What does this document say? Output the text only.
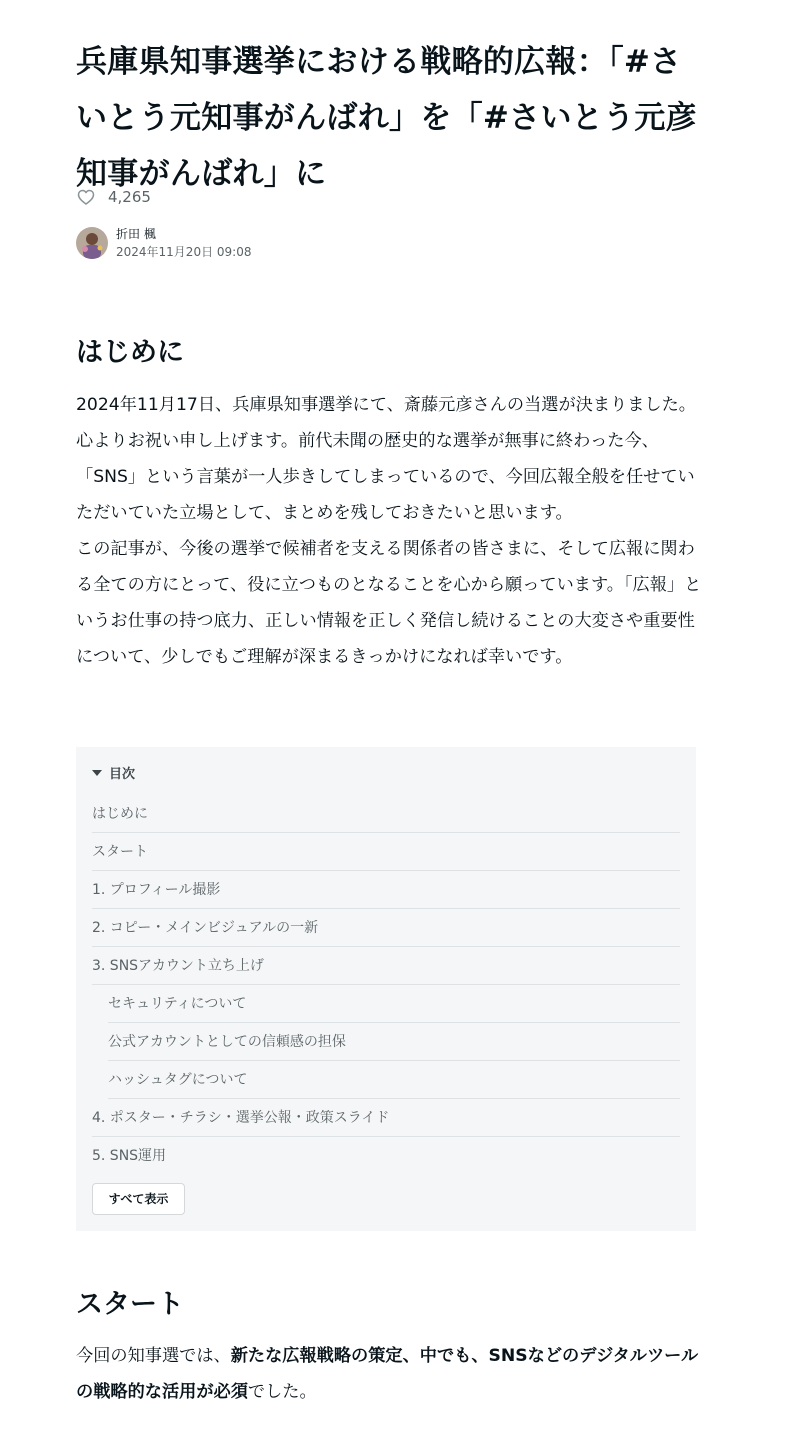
兵庫県知事選挙における戦略的広報：「#さいとう元知事がんばれ」を「#さいとう元彦知事がんばれ」に
4,265
折田 楓
2024年11月20日 09:08
はじめに

2024年11月17日、兵庫県知事選挙にて、斎藤元彦さんの当選が決まりました。心よりお祝い申し上げます。前代未聞の歴史的な選挙が無事に終わった今、「SNS」という言葉が一人歩きしてしまっているので、今回広報全般を任せていただいていた立場として、まとめを残しておきたいと思います。
この記事が、今後の選挙で候補者を支える関係者の皆さまに、そして広報に関わる全ての方にとって、役に立つものとなることを心から願っています。「広報」というお仕事の持つ底力、正しい情報を正しく発信し続けることの大変さや重要性について、少しでもご理解が深まるきっかけになれば幸いです。

目次
はじめに
スタート
1. プロフィール撮影
2. コピー・メインビジュアルの一新
3. SNSアカウント立ち上げ
セキュリティについて
公式アカウントとしての信頼感の担保
ハッシュタグについて
4. ポスター・チラシ・選挙公報・政策スライド
5. SNS運用
すべて表示
スタート

今回の知事選では、新たな広報戦略の策定、中でも、SNSなどのデジタルツールの戦略的な活用が必須でした。
